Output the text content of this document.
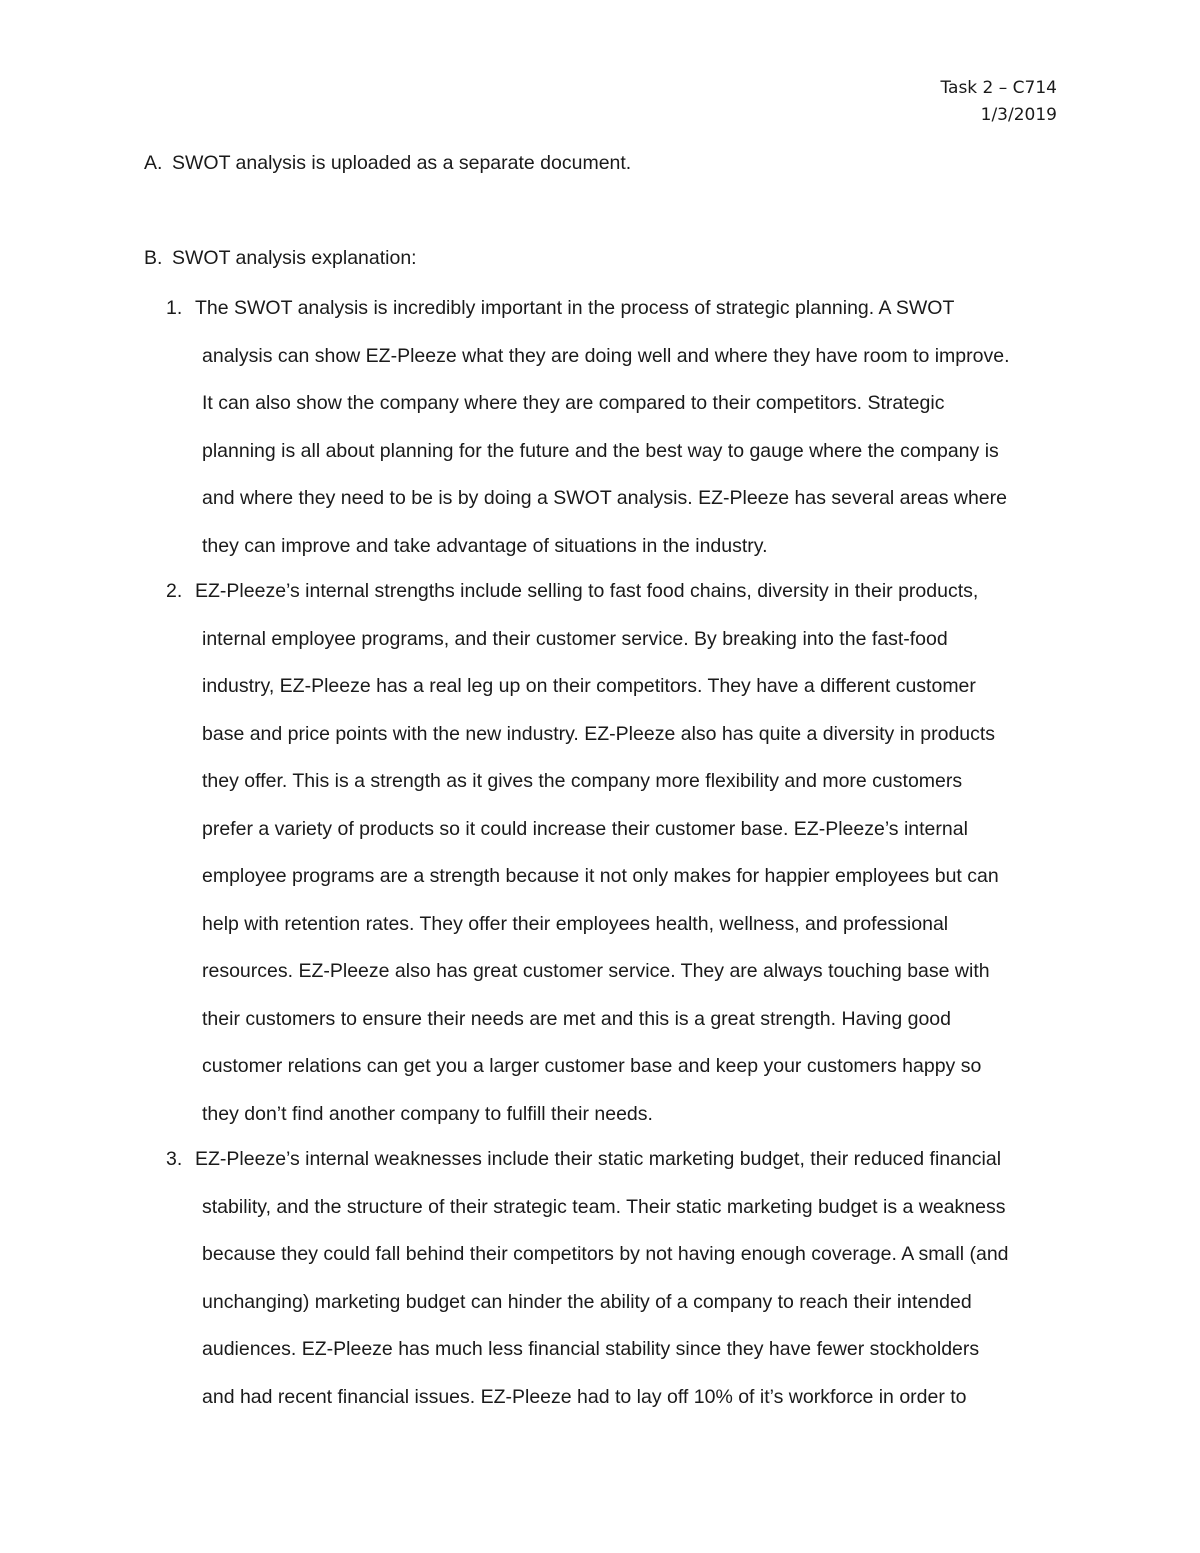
Task 2 – C714
1/3/2019
A. SWOT analysis is uploaded as a separate document.
B. SWOT analysis explanation:
1. The SWOT analysis is incredibly important in the process of strategic planning. A SWOT
analysis can show EZ-Pleeze what they are doing well and where they have room to improve.
It can also show the company where they are compared to their competitors. Strategic
planning is all about planning for the future and the best way to gauge where the company is
and where they need to be is by doing a SWOT analysis. EZ-Pleeze has several areas where
they can improve and take advantage of situations in the industry.
2. EZ-Pleeze’s internal strengths include selling to fast food chains, diversity in their products,
internal employee programs, and their customer service. By breaking into the fast-food
industry, EZ-Pleeze has a real leg up on their competitors. They have a different customer
base and price points with the new industry. EZ-Pleeze also has quite a diversity in products
they offer. This is a strength as it gives the company more flexibility and more customers
prefer a variety of products so it could increase their customer base. EZ-Pleeze’s internal
employee programs are a strength because it not only makes for happier employees but can
help with retention rates. They offer their employees health, wellness, and professional
resources. EZ-Pleeze also has great customer service. They are always touching base with
their customers to ensure their needs are met and this is a great strength. Having good
customer relations can get you a larger customer base and keep your customers happy so
they don’t find another company to fulfill their needs.
3. EZ-Pleeze’s internal weaknesses include their static marketing budget, their reduced financial
stability, and the structure of their strategic team. Their static marketing budget is a weakness
because they could fall behind their competitors by not having enough coverage. A small (and
unchanging) marketing budget can hinder the ability of a company to reach their intended
audiences. EZ-Pleeze has much less financial stability since they have fewer stockholders
and had recent financial issues. EZ-Pleeze had to lay off 10% of it’s workforce in order to
